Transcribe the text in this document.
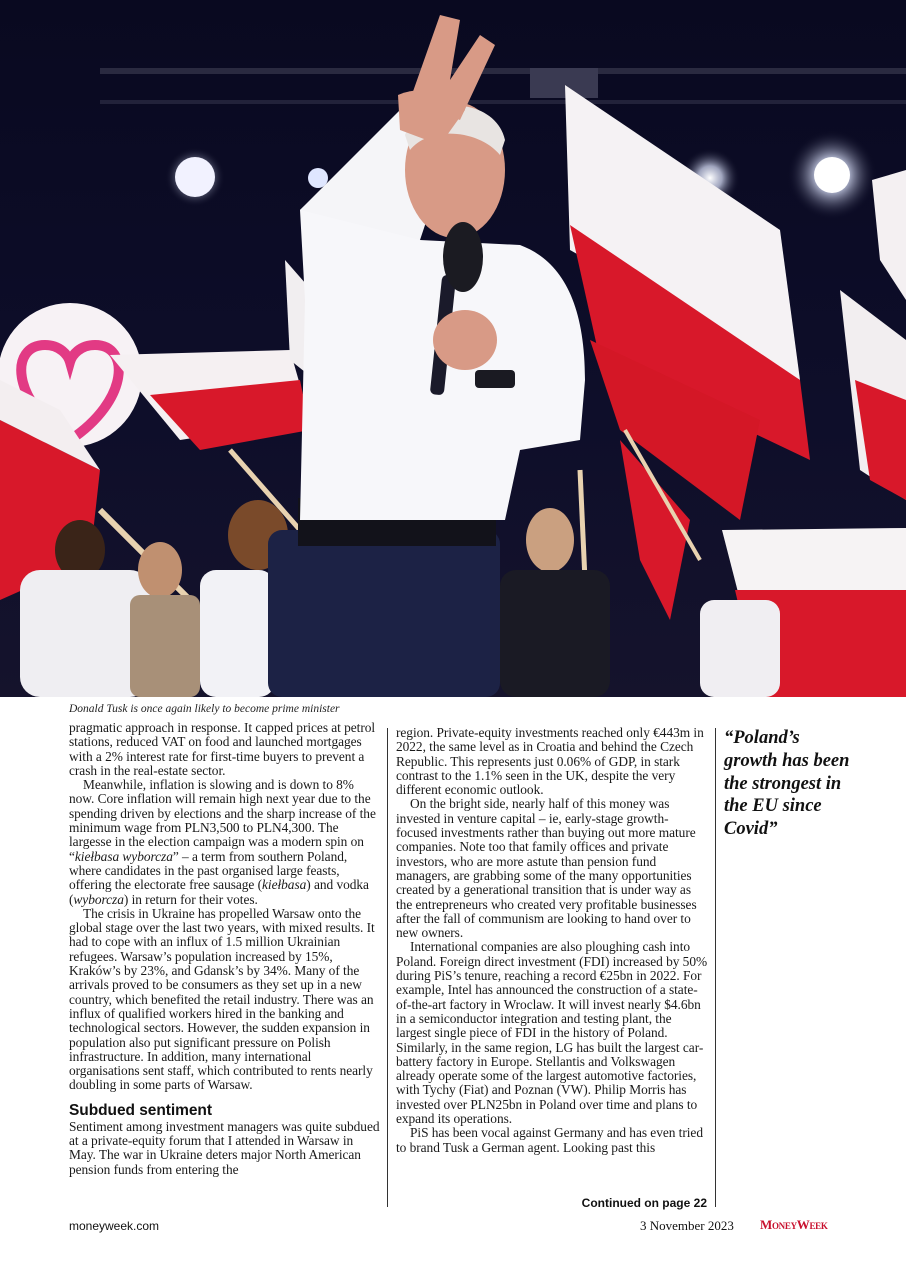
Donald Tusk is once again likely to become prime minister

pragmatic approach in response. It capped prices at petrol stations, reduced VAT on food and launched mortgages with a 2% interest rate for first-time buyers to prevent a crash in the real-estate sector.

Meanwhile, inflation is slowing and is down to 8% now. Core inflation will remain high next year due to the spending driven by elections and the sharp increase of the minimum wage from PLN3,500 to PLN4,300. The largesse in the election campaign was a modern spin on “kiełbasa wyborcza” – a term from southern Poland, where candidates in the past organised large feasts, offering the electorate free sausage (kiełbasa) and vodka (wyborcza) in return for their votes.

The crisis in Ukraine has propelled Warsaw onto the global stage over the last two years, with mixed results. It had to cope with an influx of 1.5 million Ukrainian refugees. Warsaw’s population increased by 15%, Kraków’s by 23%, and Gdansk’s by 34%. Many of the arrivals proved to be consumers as they set up in a new country, which benefited the retail industry. There was an influx of qualified workers hired in the banking and technological sectors. However, the sudden expansion in population also put significant pressure on Polish infrastructure. In addition, many international organisations sent staff, which contributed to rents nearly doubling in some parts of Warsaw.

Subdued sentiment

Sentiment among investment managers was quite subdued at a private-equity forum that I attended in Warsaw in May. The war in Ukraine deters major North American pension funds from entering the

region. Private-equity investments reached only €443m in 2022, the same level as in Croatia and behind the Czech Republic. This represents just 0.06% of GDP, in stark contrast to the 1.1% seen in the UK, despite the very different economic outlook.

On the bright side, nearly half of this money was invested in venture capital – ie, early-stage growth-focused investments rather than buying out more mature companies. Note too that family offices and private investors, who are more astute than pension fund managers, are grabbing some of the many opportunities created by a generational transition that is under way as the entrepreneurs who created very profitable businesses after the fall of communism are looking to hand over to new owners.

International companies are also ploughing cash into Poland. Foreign direct investment (FDI) increased by 50% during PiS’s tenure, reaching a record €25bn in 2022. For example, Intel has announced the construction of a state-of-the-art factory in Wroclaw. It will invest nearly $4.6bn in a semiconductor integration and testing plant, the largest single piece of FDI in the history of Poland. Similarly, in the same region, LG has built the largest car-battery factory in Europe. Stellantis and Volkswagen already operate some of the largest automotive factories, with Tychy (Fiat) and Poznan (VW). Philip Morris has invested over PLN25bn in Poland over time and plans to expand its operations.

PiS has been vocal against Germany and has even tried to brand Tusk a German agent. Looking past this

Continued on page 22
“Poland’s growth has been the strongest in the EU since Covid”
moneyweek.com	3 November 2023 MoneyWeek
